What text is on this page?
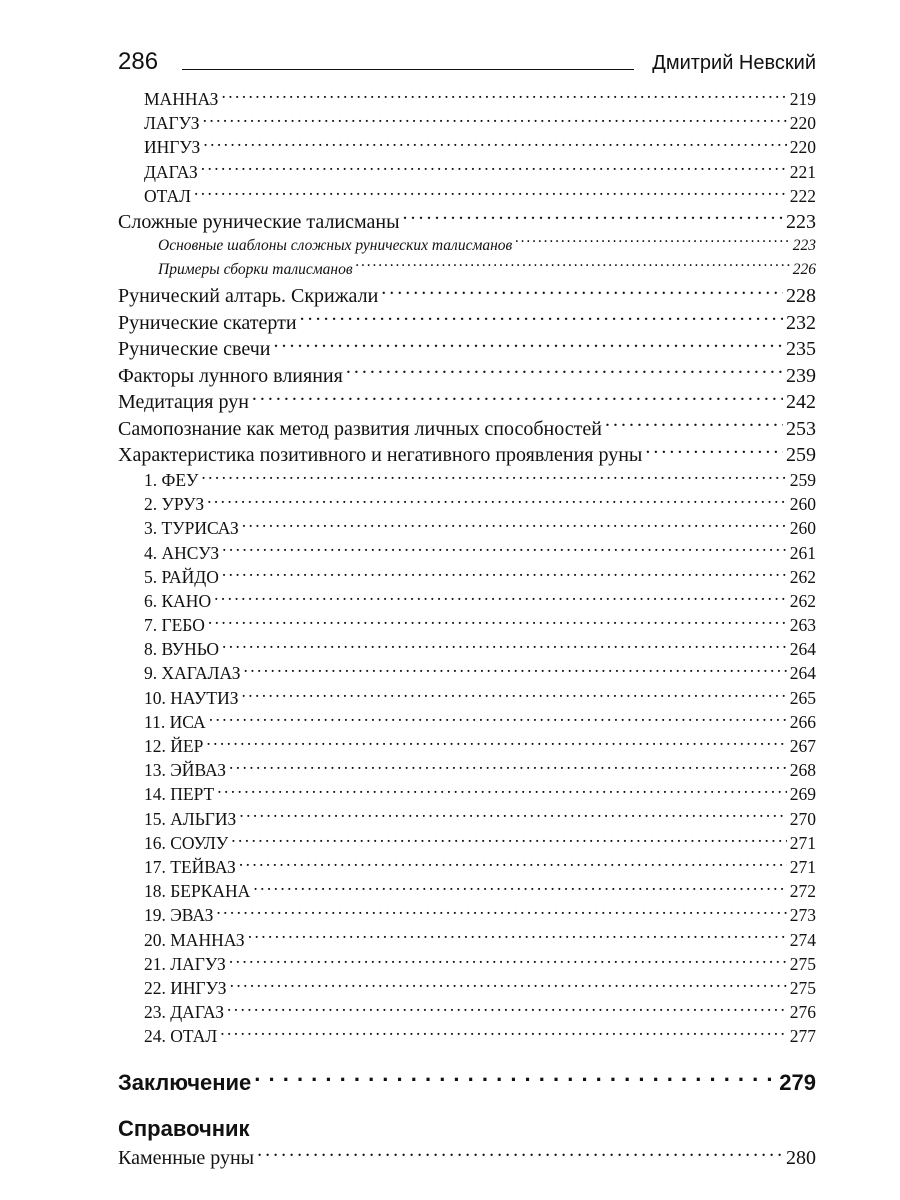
286	Дмитрий Невский
МАННАЗ . . .	219
ЛАГУЗ . . .	220
ИНГУЗ . . .	220
ДАГАЗ . . .	221
ОТАЛ . . .	222
Сложные рунические талисманы . . .	223
Основные шаблоны сложных рунических талисманов . . .	223
Примеры сборки талисманов . . .	226
Рунический алтарь. Скрижали . . .	228
Рунические скатерти . . .	232
Рунические свечи . . .	235
Факторы лунного влияния . . .	239
Медитация рун . . .	242
Самопознание как метод развития личных способностей . . .	253
Характеристика позитивного и негативного проявления руны . . .	259
1. ФЕУ . . .	259
2. УРУЗ . . .	260
3. ТУРИСАЗ . . .	260
4. АНСУЗ . . .	261
5. РАЙДО . . .	262
6. КАНО . . .	262
7. ГЕБО . . .	263
8. ВУНЬО . . .	264
9. ХАГАЛАЗ . . .	264
10. НАУТИЗ . . .	265
11. ИСА . . .	266
12. ЙЕР . . .	267
13. ЭЙВАЗ . . .	268
14. ПЕРТ . . .	269
15. АЛЬГИЗ . . .	270
16. СОУЛУ . . .	271
17. ТЕЙВАЗ . . .	271
18. БЕРКАНА . . .	272
19. ЭВАЗ . . .	273
20. МАННАЗ . . .	274
21. ЛАГУЗ . . .	275
22. ИНГУЗ . . .	275
23. ДАГАЗ . . .	276
24. ОТАЛ . . .	277
Заключение . . .	279
Справочник
Каменные руны . . .	280
